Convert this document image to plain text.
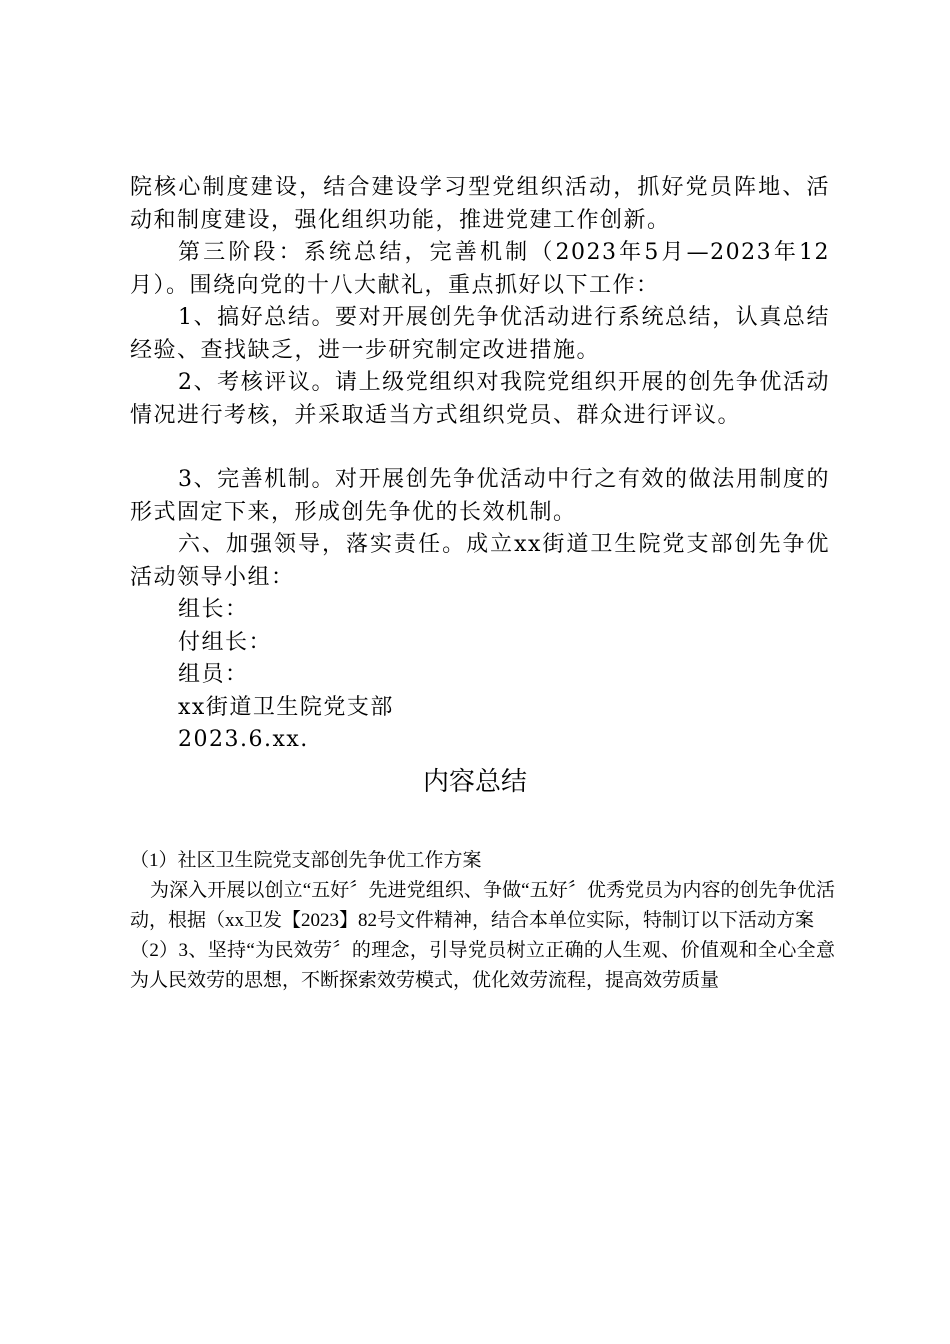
院核心制度建设，结合建设学习型党组织活动，抓好党员阵地、活动和制度建设，强化组织功能，推进党建工作创新。

第三阶段：系统总结，完善机制（2023年5月—2023年12月）。围绕向党的十八大献礼，重点抓好以下工作：

1、搞好总结。要对开展创先争优活动进行系统总结，认真总结经验、查找缺乏，进一步研究制定改进措施。

2、考核评议。请上级党组织对我院党组织开展的创先争优活动情况进行考核，并采取适当方式组织党员、群众进行评议。

3、完善机制。对开展创先争优活动中行之有效的做法用制度的形式固定下来，形成创先争优的长效机制。

六、加强领导，落实责任。成立xx街道卫生院党支部创先争优活动领导小组：

组长：

付组长：

组员：

xx街道卫生院党支部

2023.6.xx.

内容总结

（1）社区卫生院党支部创先争优工作方案

为深入开展以创立“五好〞先进党组织、争做“五好〞优秀党员为内容的创先争优活动，根据（xx卫发【2023】82号文件精神，结合本单位实际，特制订以下活动方案

（2）3、坚持“为民效劳〞的理念，引导党员树立正确的人生观、价值观和全心全意为人民效劳的思想，不断探索效劳模式，优化效劳流程，提高效劳质量
